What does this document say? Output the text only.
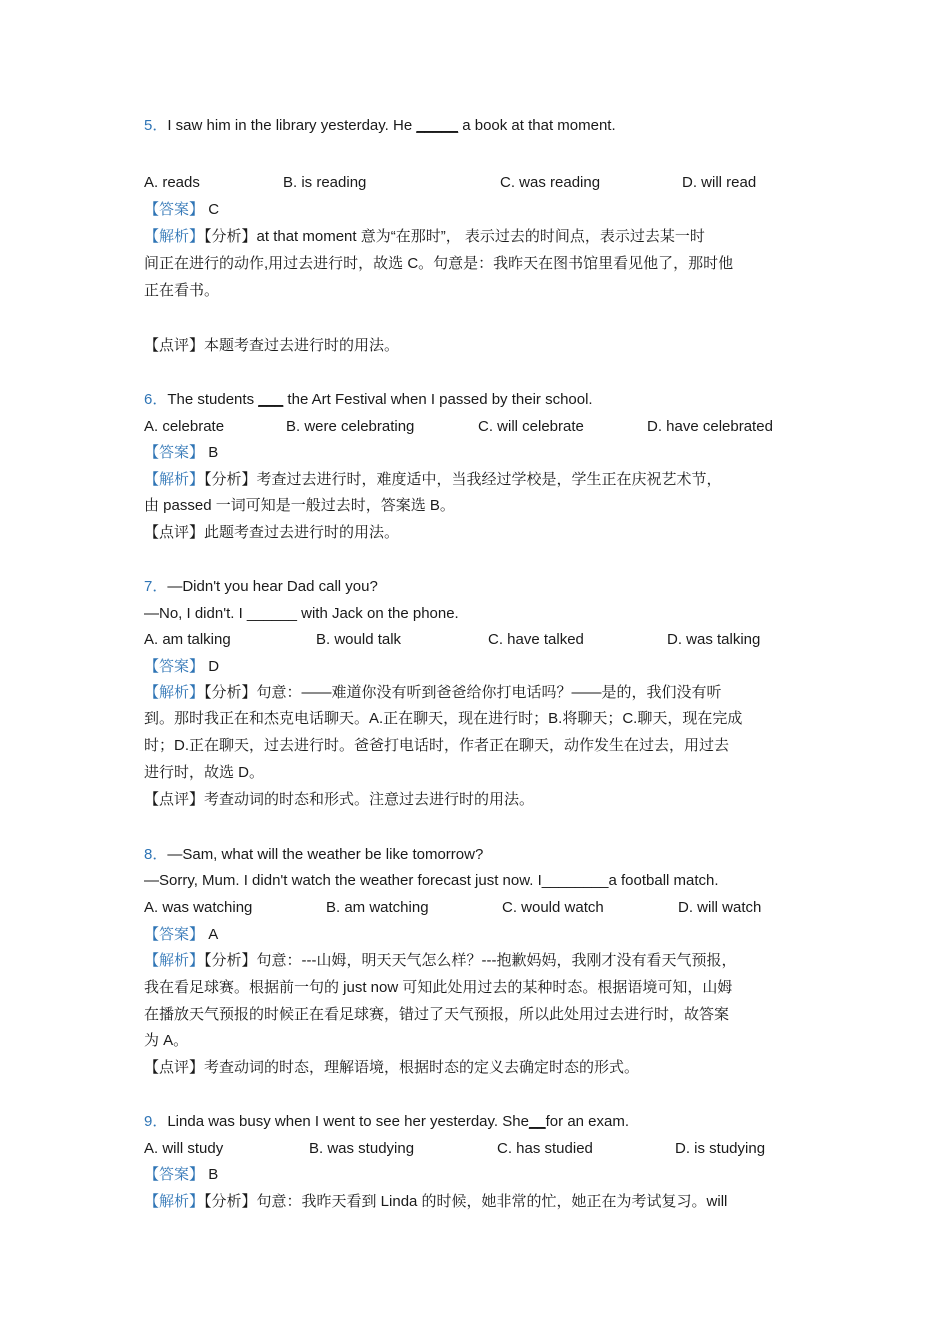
5．I saw him in the library yesterday. He _____ a book at that moment.
A. reads	B. is reading	C. was reading	D. will read
【答案】 C
【解析】【分析】at that moment 意为“在那时”， 表示过去的时间点，表示过去某一时
间正在进行的动作,用过去进行时，故选 C。句意是：我昨天在图书馆里看见他了，那时他
正在看书。
【点评】本题考查过去进行时的用法。
6．The students ___ the Art Festival when I passed by their school.
A. celebrate	B. were celebrating	C. will celebrate	D. have celebrated
【答案】 B
【解析】【分析】考查过去进行时，难度适中，当我经过学校是，学生正在庆祝艺术节，
由 passed 一词可知是一般过去时，答案选 B。
【点评】此题考查过去进行时的用法。
7．—Didn't you hear Dad call you?
—No, I didn't. I ______ with Jack on the phone.
A. am talking	B. would talk	C. have talked	D. was talking
【答案】 D
【解析】【分析】句意：——难道你没有听到爸爸给你打电话吗？——是的，我们没有听
到。那时我正在和杰克电话聊天。A.正在聊天，现在进行时；B.将聊天；C.聊天，现在完成
时；D.正在聊天，过去进行时。爸爸打电话时，作者正在聊天，动作发生在过去，用过去
进行时，故选 D。
【点评】考查动词的时态和形式。注意过去进行时的用法。
8．—Sam, what will the weather be like tomorrow?
—Sorry, Mum. I didn't watch the weather forecast just now. I________a football match.
A. was watching	B. am watching	C. would watch	D. will watch
【答案】 A
【解析】【分析】句意：---山姆，明天天气怎么样？---抱歉妈妈，我刚才没有看天气预报，
我在看足球赛。根据前一句的 just now 可知此处用过去的某种时态。根据语境可知，山姆
在播放天气预报的时候正在看足球赛，错过了天气预报，所以此处用过去进行时，故答案
为 A。
【点评】考查动词的时态，理解语境，根据时态的定义去确定时态的形式。
9．Linda was busy when I went to see her yesterday. She__for an exam.
A. will study	B. was studying	C. has studied	D. is studying
【答案】 B
【解析】【分析】句意：我昨天看到 Linda 的时候，她非常的忙，她正在为考试复习。will
